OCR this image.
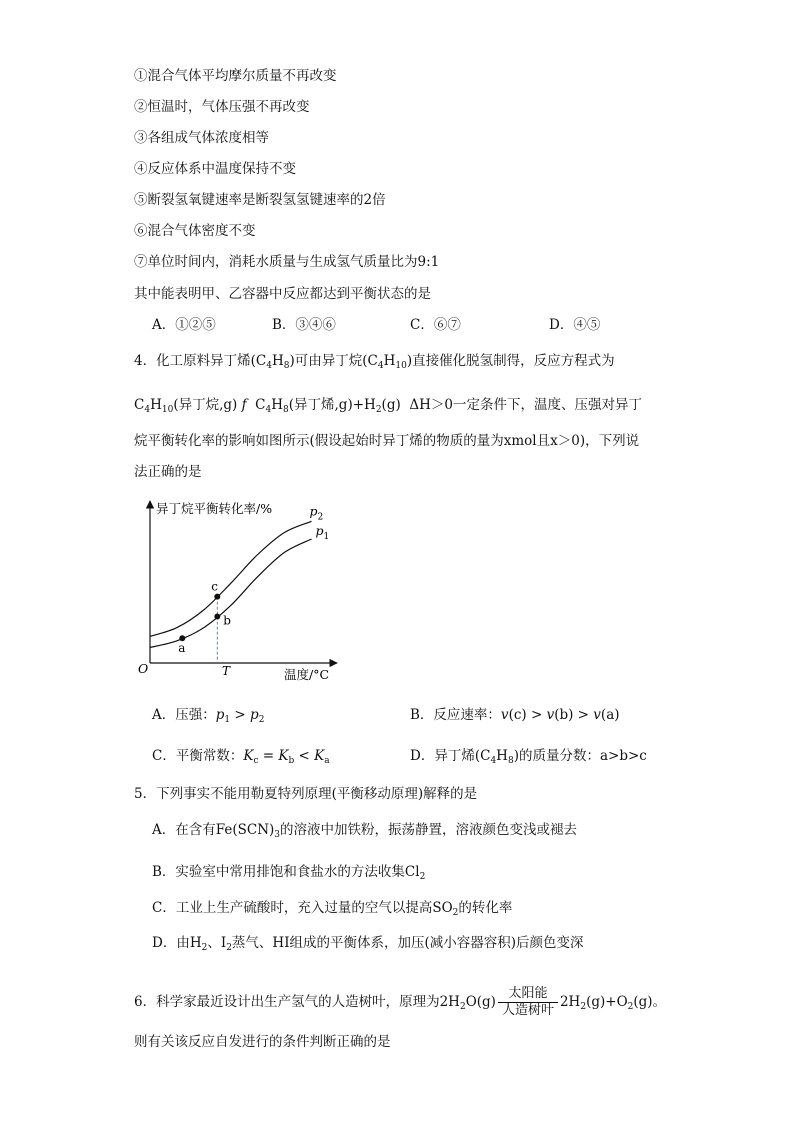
①混合气体平均摩尔质量不再改变
②恒温时，气体压强不再改变
③各组成气体浓度相等
④反应体系中温度保持不变
⑤断裂氢氧键速率是断裂氢氢键速率的2倍
⑥混合气体密度不变
⑦单位时间内，消耗水质量与生成氢气质量比为9:1
其中能表明甲、乙容器中反应都达到平衡状态的是
A．①②⑤	B．③④⑥	C．⑥⑦	D．④⑤
4．化工原料异丁烯$(C_4H_8)$可由异丁烷$(C_4H_{10})$直接催化脱氢制得，反应方程式为
$C_4H_{10}$(异丁烷,g) f  $C_4H_8$(异丁烯$,g)+H_2(g)$ ΔH＞0一定条件下，温度、压强对异丁
烷平衡转化率的影响如图所示(假设起始时异丁烯的物质的量为xmol且x＞0)，下列说
法正确的是
异丁烷平衡转化率/%
温度/°C
O	T
$p_2$
$p_1$
a
b
c
A．压强：$p_1 > p_2$	B．反应速率：v(c) > v(b) > v(a)
C．平衡常数：$K_c = K_b < K_a$	D．异丁烯$(C_4H_8)$的质量分数：a>b>c
5．下列事实不能用勒夏特列原理(平衡移动原理)解释的是
A．在含有$Fe(SCN)_3$的溶液中加铁粉，振荡静置，溶液颜色变浅或褪去
B．实验室中常用排饱和食盐水的方法收集$Cl_2$
C．工业上生产硫酸时，充入过量的空气以提高$SO_2$的转化率
D．由$H_2$、$I_2$蒸气、HI组成的平衡体系，加压(减小容器容积)后颜色变深
6．科学家最近设计出生产氢气的人造树叶，原理为$2H_2O(g) \frac{\text{太阳能}}{\text{人造树叶}} 2H_2(g)+O_2(g)$。
则有关该反应自发进行的条件判断正确的是
